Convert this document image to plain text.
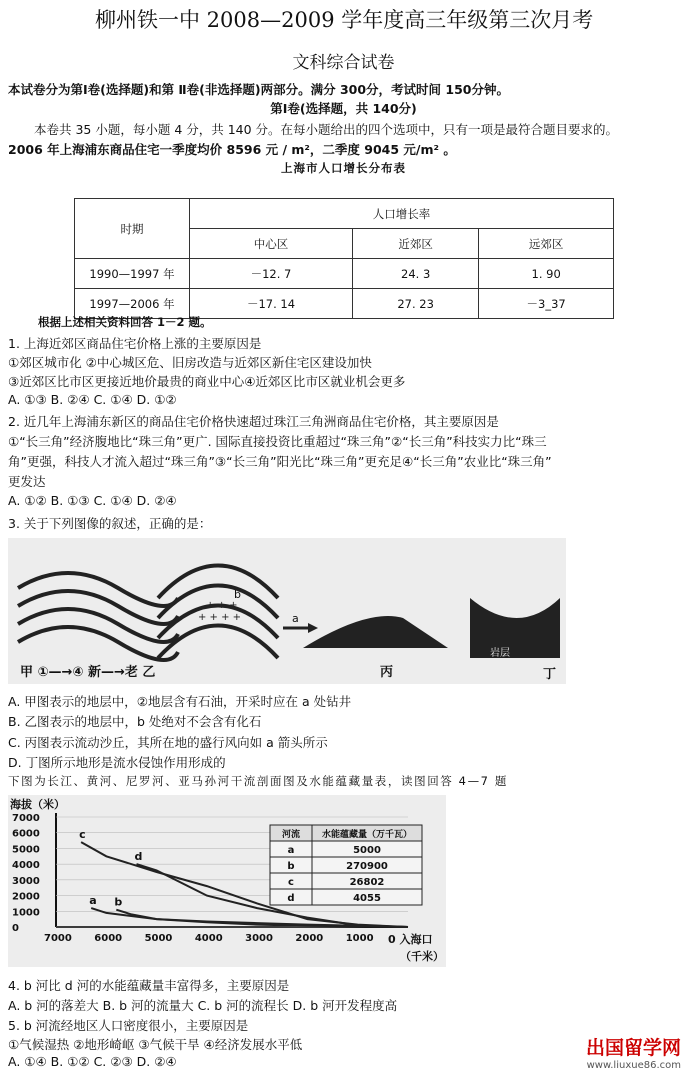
柳州铁一中 2008—2009 学年度高三年级第三次月考
文科综合试卷
本试卷分为第Ⅰ卷(选择题)和第 Ⅱ卷(非选择题)两部分。满分 300分，考试时间 150分钟。
第Ⅰ卷(选择题，共 140分)
本卷共 35 小题，每小题 4 分，共 140 分。在每小题给出的四个选项中，只有一项是最符合题目要求的。
2006 年上海浦东商品住宅一季度均价 8596 元 / m²，二季度 9045 元/m² 。
上海市人口增长分布表
时期	人口增长率		
	中心区	近郊区	远郊区
1990—1997 年	－12. 7	24. 3	1. 90
1997—2006 年	－17. 14	27. 23	－3_37
根据上述相关资料回答 1－2 题。
1. 上海近郊区商品住宅价格上涨的主要原因是
①郊区城市化 ②中心城区危、旧房改造与近郊区新住宅区建设加快
③近郊区比市区更接近地价最贵的商业中心④近郊区比市区就业机会更多
A. ①③ B. ②④ C. ①④ D. ①②
2. 近几年上海浦东新区的商品住宅价格快速超过珠江三角洲商品住宅价格，其主要原因是
①“长三角”经济腹地比“珠三角”更广. 国际直接投资比重超过“珠三角”②“长三角”科技实力比“珠三
角”更强，科技人才流入超过“珠三角”③“长三角”阳光比“珠三角”更充足④“长三角”农业比“珠三角”
更发达
A. ①② B. ①③ C. ①④ D. ②④
3. 关于下列图像的叙述，正确的是：
+ + +
+ + + +
甲 ①—→④ 新—→老 乙	丙	丁
岩层
a
b
A. 甲图表示的地层中，②地层含有石油，开采时应在 a 处钻井
B. 乙图表示的地层中，b 处绝对不会含有化石
C. 丙图表示流动沙丘，其所在地的盛行风向如 a 箭头所示
D. 丁图所示地形是流水侵蚀作用形成的
下图为长江、黄河、尼罗河、亚马孙河干流剖面图及水能蕴藏量表，读图回答 4—7 题
海拔（米）
（千米）
0 入海口
7000
6000
5000
4000
3000
2000
1000
0
7000 6000 5000 4000 3000 2000 1000
a b
c
d
河流 水能蕴藏量（万千瓦）
a	5000
b	270900
c	26802
d	4055
4. b 河比 d 河的水能蕴藏量丰富得多，主要原因是
A. b 河的落差大 B. b 河的流量大 C. b 河的流程长 D. b 河开发程度高
5. b 河流经地区人口密度很小，主要原因是
①气候湿热 ②地形崎岖 ③气候干旱 ④经济发展水平低
A. ①④ B. ①② C. ②③ D. ②④
出国留学网
www.liuxue86.com
